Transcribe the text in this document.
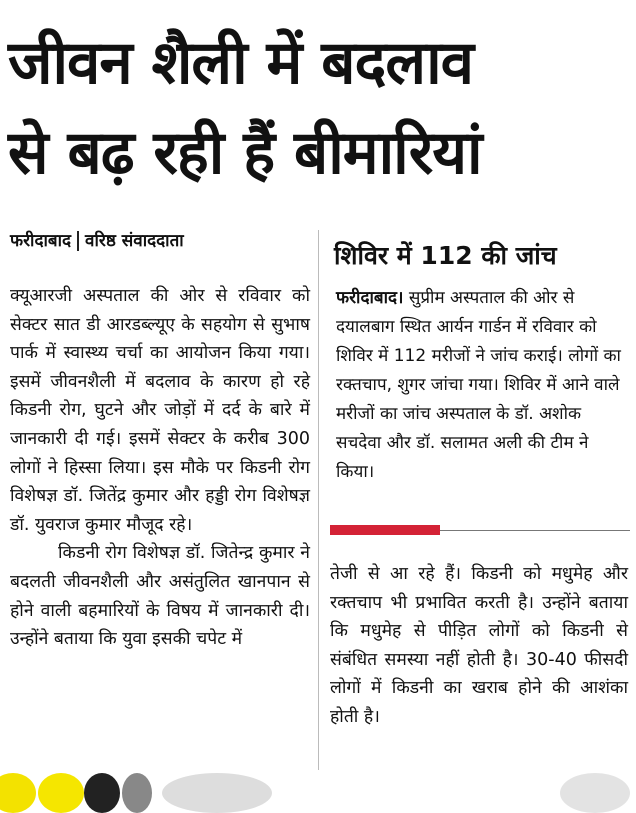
जीवन शैली में बदलाव
से बढ़ रही हैं बीमारियां
फरीदाबाद वरिष्ठ संवाददाता

क्यूआरजी अस्पताल की ओर से रविवार को सेक्टर सात डी आरडब्ल्यूए के सहयोग से सुभाष पार्क में स्वास्थ्य चर्चा का आयोजन किया गया। इसमें जीवनशैली में बदलाव के कारण हो रहे किडनी रोग, घुटने और जोड़ों में दर्द के बारे में जानकारी दी गई। इसमें सेक्टर के करीब 300 लोगों ने हिस्सा लिया। इस मौके पर किडनी रोग विशेषज्ञ डॉ. जितेंद्र कुमार और हड्डी रोग विशेषज्ञ डॉ. युवराज कुमार मौजूद रहे।

किडनी रोग विशेषज्ञ डॉ. जितेन्द्र कुमार ने बदलती जीवनशैली और असंतुलित खानपान से होने वाली बहमारियों के विषय में जानकारी दी। उन्होंने बताया कि युवा इसकी चपेट में

शिविर में 112 की जांच

फरीदाबाद। सुप्रीम अस्पताल की ओर से दयालबाग स्थित आर्यन गार्डन में रविवार को शिविर में 112 मरीजों ने जांच कराई। लोगों का रक्तचाप, शुगर जांचा गया। शिविर में आने वाले मरीजों का जांच अस्पताल के डॉ. अशोक सचदेवा और डॉ. सलामत अली की टीम ने किया।

तेजी से आ रहे हैं। किडनी को मधुमेह और रक्तचाप भी प्रभावित करती है। उन्होंने बताया कि मधुमेह से पीड़ित लोगों को किडनी से संबंधित समस्या नहीं होती है। 30-40 फीसदी लोगों में किडनी का खराब होने की आशंका होती है।
